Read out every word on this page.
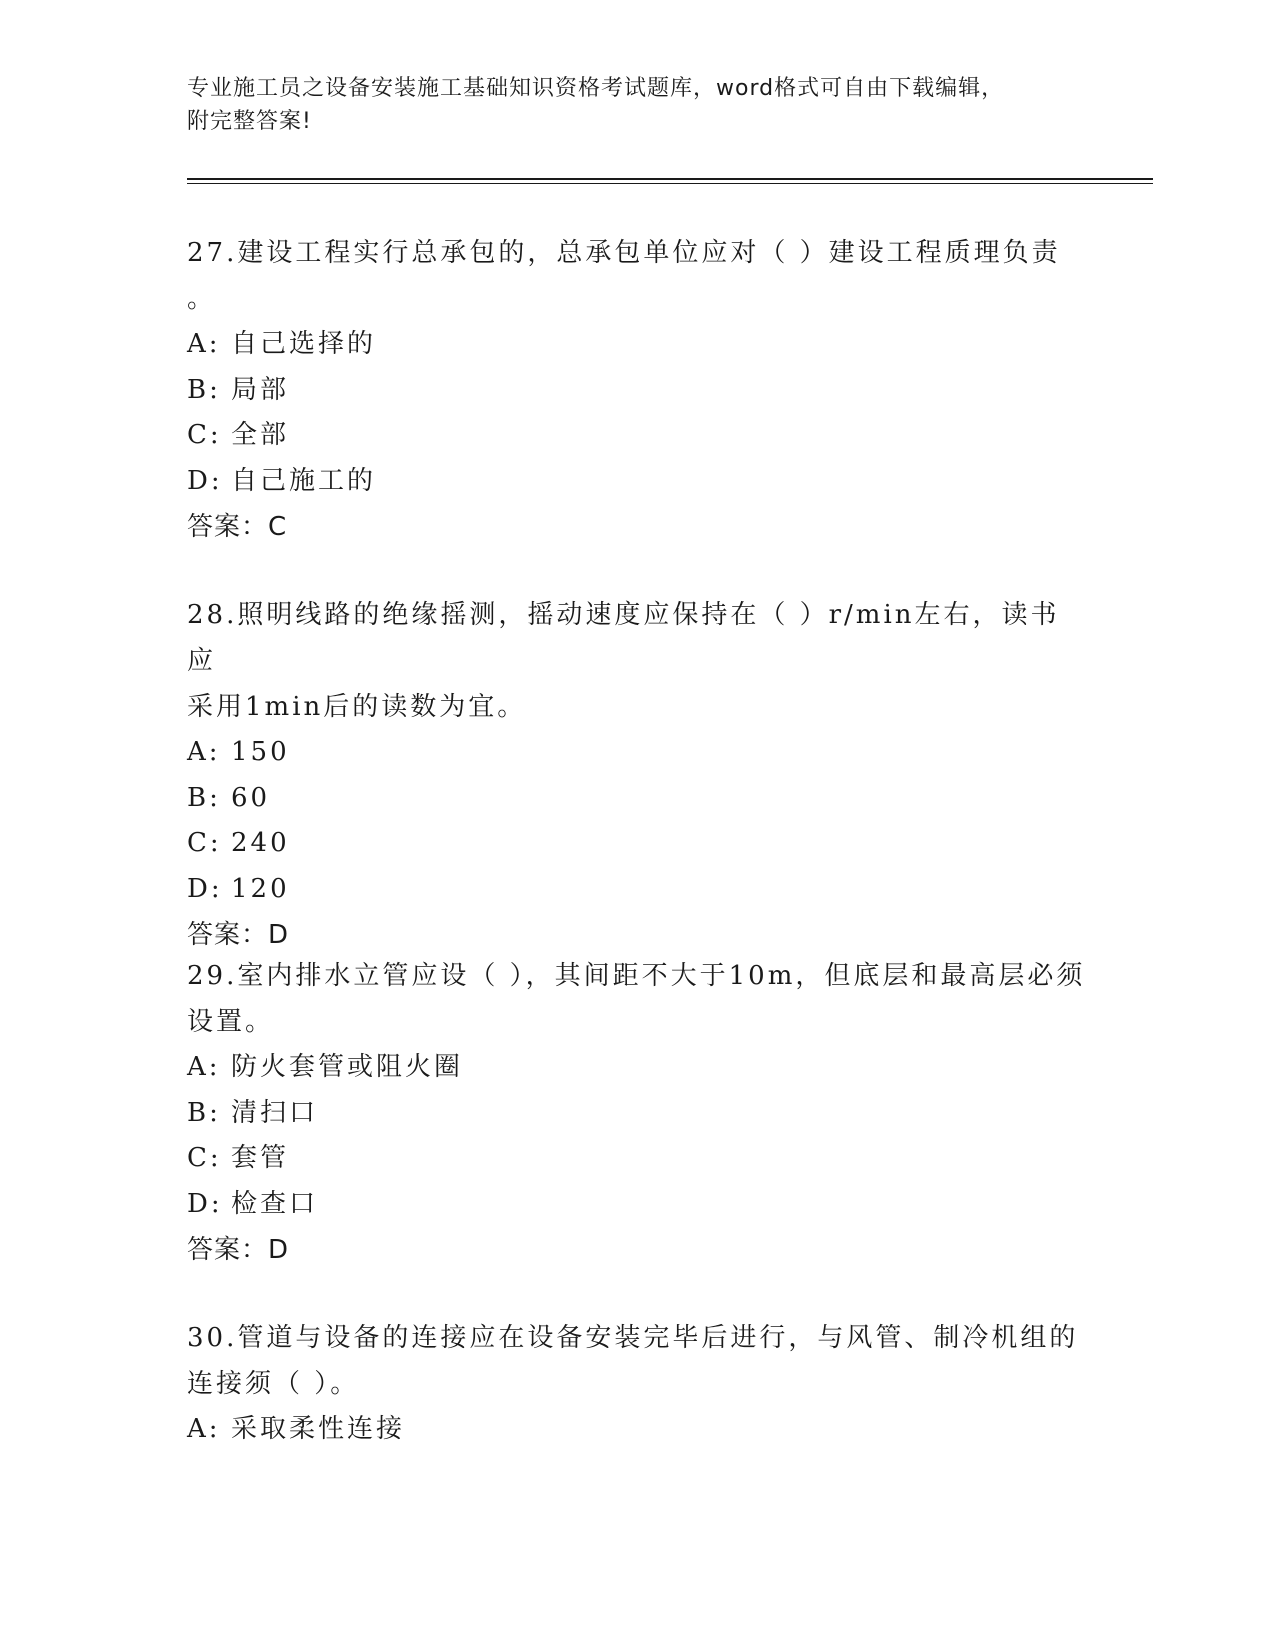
专业施工员之设备安装施工基础知识资格考试题库，word格式可自由下载编辑，
附完整答案!

27.建设工程实行总承包的，总承包单位应对（ ）建设工程质理负责
。

A: 自己选择的

B: 局部

C: 全部

D: 自己施工的

答案：C

28.照明线路的绝缘摇测，摇动速度应保持在（ ）r/min左右，读书应
采用1min后的读数为宜。

A: 150

B: 60

C: 240

D: 120

答案：D

29.室内排水立管应设（ ），其间距不大于10m，但底层和最高层必须
设置。

A: 防火套管或阻火圈

B: 清扫口

C: 套管

D: 检查口

答案：D

30.管道与设备的连接应在设备安装完毕后进行，与风管、制冷机组的
连接须（ ）。

A: 采取柔性连接
